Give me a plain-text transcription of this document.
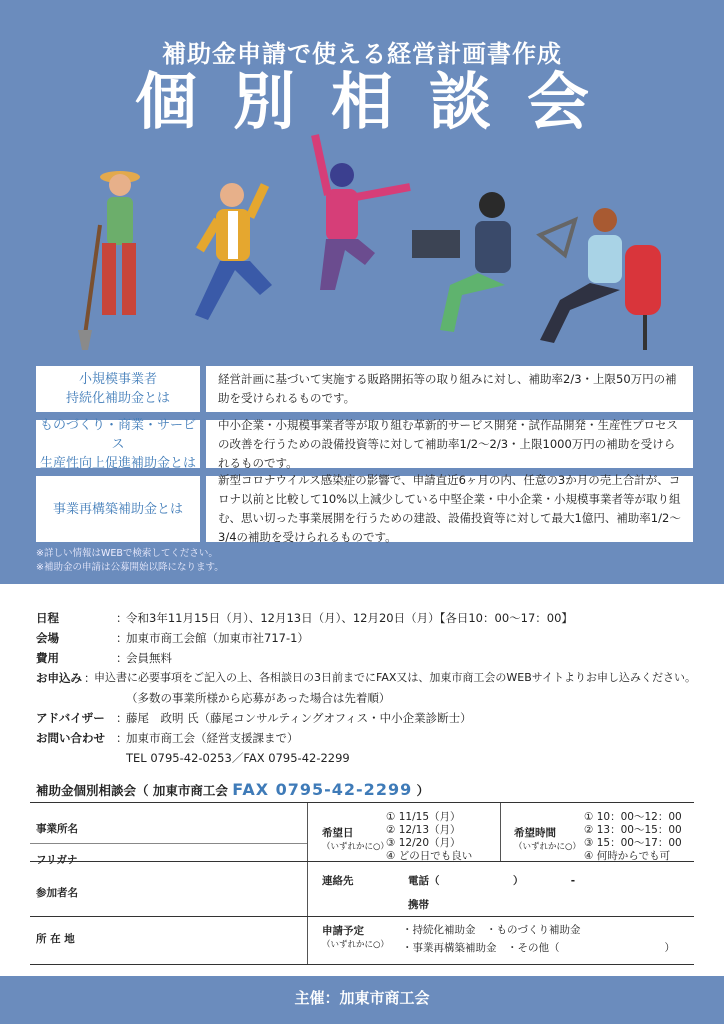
補助金申請で使える経営計画書作成
個別相談会
小規模事業者
持続化補助金とは
経営計画に基づいて実施する販路開拓等の取り組みに対し、補助率2/3・上限50万円の補助を受けられるものです。
ものづくり・商業・サービス
生産性向上促進補助金とは
中小企業・小規模事業者等が取り組む革新的サービス開発・試作品開発・生産性プロセスの改善を行うための設備投資等に対して補助率1/2～2/3・上限1000万円の補助を受けられるものです。
事業再構築補助金とは
新型コロナウイルス感染症の影響で、申請直近6ヶ月の内、任意の3か月の売上合計が、コロナ以前と比較して10%以上減少している中堅企業・中小企業・小規模事業者等が取り組む、思い切った事業展開を行うための建設、設備投資等に対して最大1億円、補助率1/2～3/4の補助を受けられるものです。
※詳しい情報はWEBで検索してください。
※補助金の申請は公募開始以降になります。
日程	：
令和3年11月15日（月）、12月13日（月）、12月20日（月）【各日10：00～17：00】
会場	：
加東市商工会館（加東市社717-1）
費用	：
会員無料
お申込み ：
申込書に必要事項をご記入の上、各相談日の3日前までにFAX又は、加東市商工会のWEBサイトよりお申し込みください。
（多数の事業所様から応募があった場合は先着順）
アドバイザー ：
藤尾　政明 氏（藤尾コンサルティングオフィス・中小企業診断士）
お問い合わせ ：
加東市商工会（経営支援課まで）
TEL 0795-42-0253／FAX 0795-42-2299
補助金個別相談会（ 加東市商工会 FAX 0795-42-2299 ）
事業所名
フリガナ
参加者名
所 在 地
希望日
（いずれかに○）
① 11/15（月）
② 12/13（月）
③ 12/20（月）
④ どの日でも良い
希望時間
（いずれかに○）
① 10：00～12：00
② 13：00～15：00
③ 15：00～17：00
④ 何時からでも可
連絡先	電話（　　　　　　　）　　　　　-
携帯
申請予定
（いずれかに○）
・持続化補助金　・ものづくり補助金
・事業再構築補助金　・その他（　　　　　　　　　　）
主催：加東市商工会
